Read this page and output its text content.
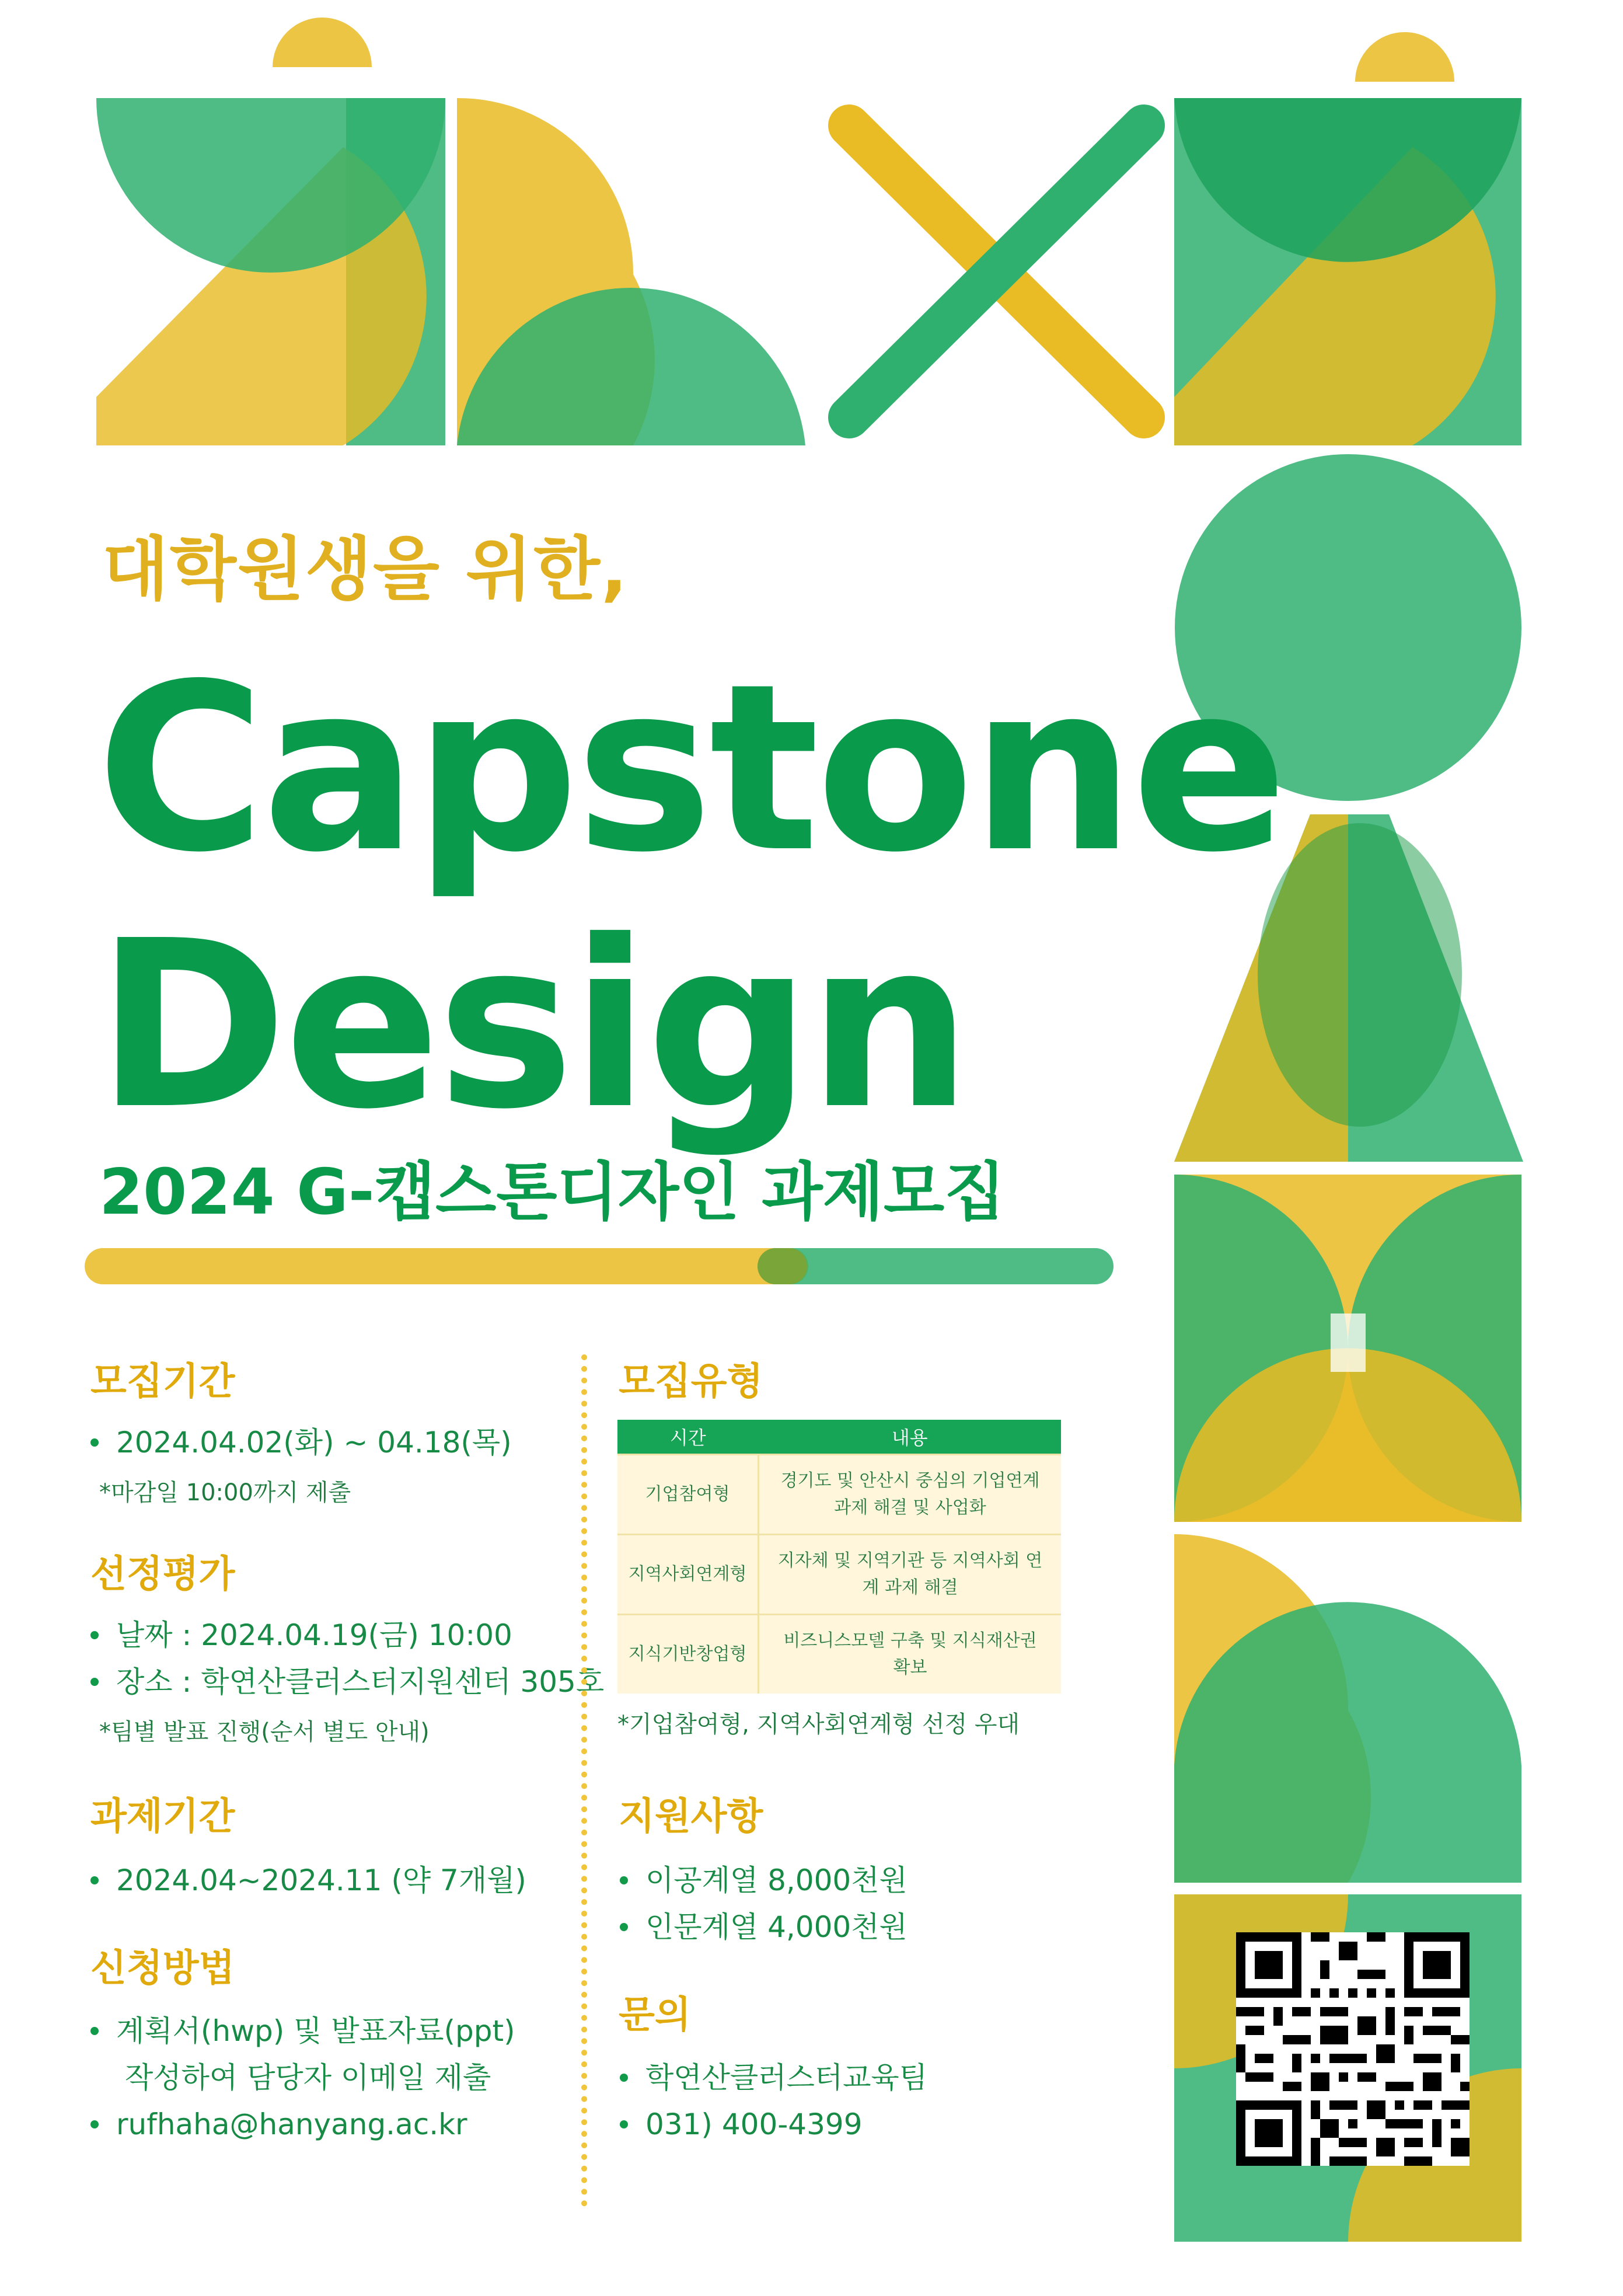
대학원생을 위한,
Capstone
Design
2024 G-캡스톤디자인 과제모집
모집기간
2024.04.02(화) ~ 04.18(목)
*마감일 10:00까지 제출
선정평가
날짜 : 2024.04.19(금) 10:00
장소 : 학연산클러스터지원센터 305호
*팀별 발표 진행(순서 별도 안내)
과제기간
2024.04~2024.11 (약 7개월)
신청방법
계획서(hwp) 및 발표자료(ppt)
작성하여 담당자 이메일 제출
rufhaha@hanyang.ac.kr
모집유형
시간	내용
기업참여형	경기도 및 안산시 중심의 기업연계
과제 해결 및 사업화
지역사회연계형	지자체 및 지역기관 등 지역사회 연
계 과제 해결
지식기반창업형	비즈니스모델 구축 및 지식재산권
확보
*기업참여형, 지역사회연계형 선정 우대
지원사항
이공계열 8,000천원
인문계열 4,000천원
문의
학연산클러스터교육팀
031) 400-4399
